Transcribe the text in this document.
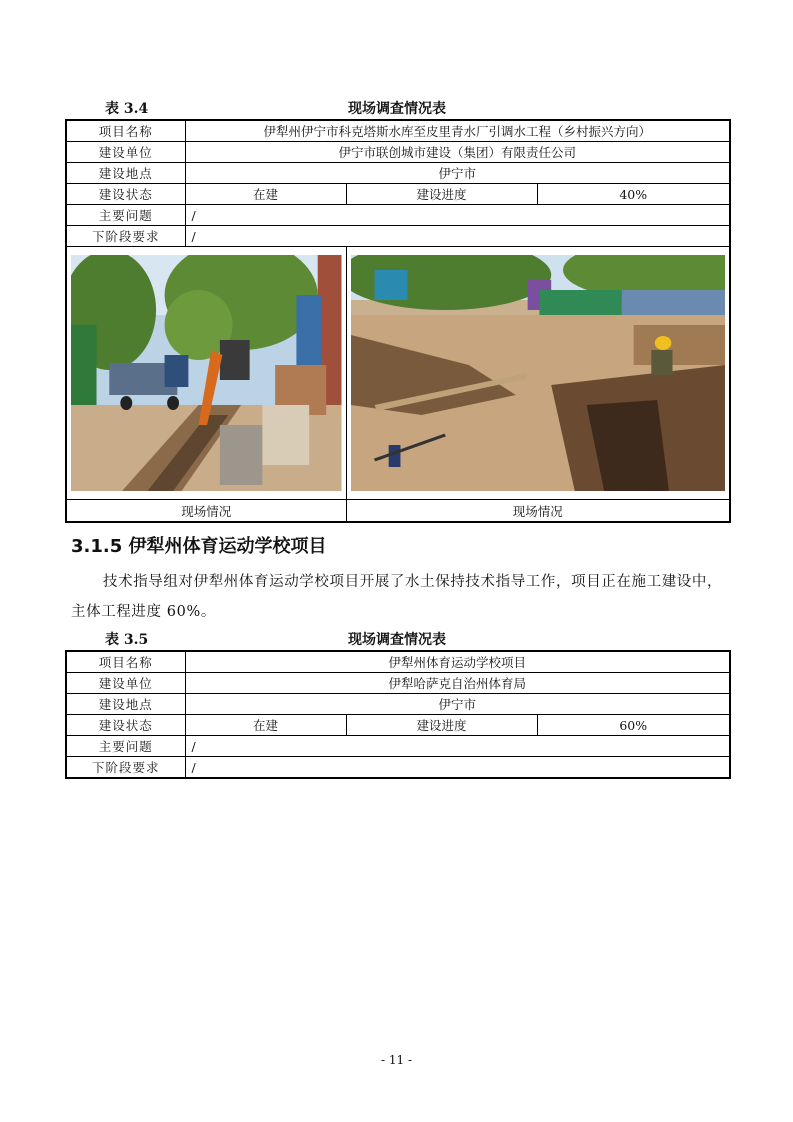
表 3.4	现场调查情况表
项目名称	伊犁州伊宁市科克塔斯水库至皮里青水厂引调水工程（乡村振兴方向）		
建设单位	伊宁市联创城市建设（集团）有限责任公司		
建设地点	伊宁市		
建设状态	在建	建设进度	40%
主要问题	/		
下阶段要求	/		

现场情况		现场情况	
3.1.5 伊犁州体育运动学校项目
技术指导组对伊犁州体育运动学校项目开展了水土保持技术指导工作，项目正在施工建设中，主体工程进度 60%。
表 3.5	现场调查情况表
项目名称	伊犁州体育运动学校项目		
建设单位	伊犁哈萨克自治州体育局		
建设地点	伊宁市		
建设状态	在建	建设进度	60%
主要问题	/		
下阶段要求	/		
- 11 -
